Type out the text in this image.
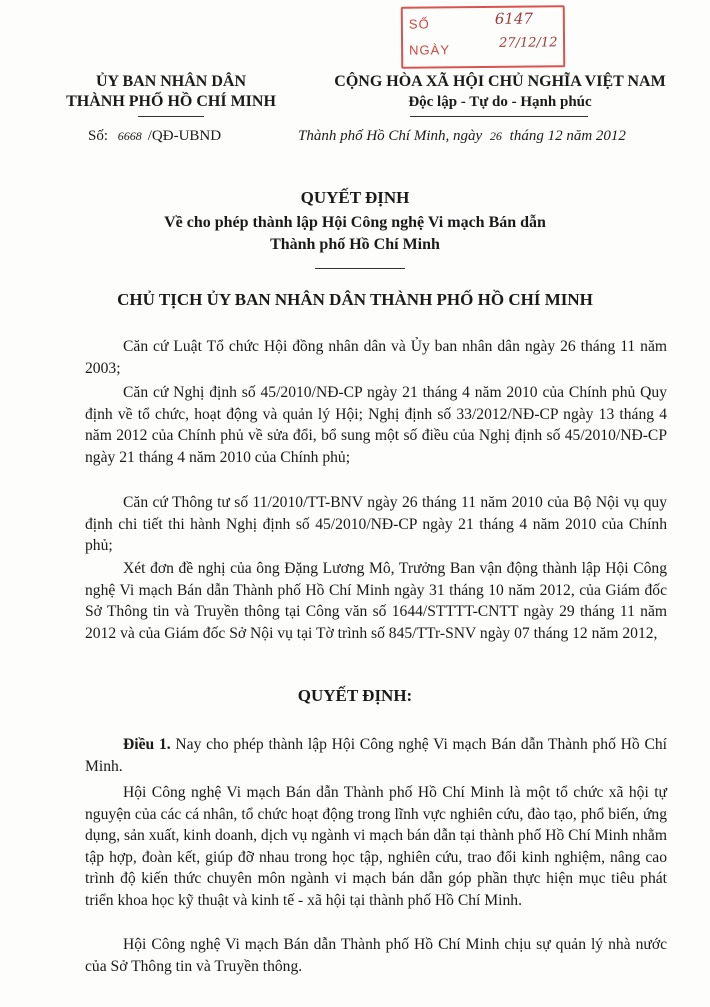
SỐ	6147
NGÀY	27/12/12
ỦY BAN NHÂN DÂN
THÀNH PHỐ HỒ CHÍ MINH
CỘNG HÒA XÃ HỘI CHỦ NGHĨA VIỆT NAM
Độc lập - Tự do - Hạnh phúc
Số: 6668 /QĐ-UBND	Thành phố Hồ Chí Minh, ngày 26 tháng 12 năm 2012
QUYẾT ĐỊNH
Về cho phép thành lập Hội Công nghệ Vi mạch Bán dẫn
Thành phố Hồ Chí Minh
CHỦ TỊCH ỦY BAN NHÂN DÂN THÀNH PHỐ HỒ CHÍ MINH
Căn cứ Luật Tổ chức Hội đồng nhân dân và Ủy ban nhân dân ngày 26 tháng 11 năm 2003;
Căn cứ Nghị định số 45/2010/NĐ-CP ngày 21 tháng 4 năm 2010 của Chính phủ Quy định về tổ chức, hoạt động và quản lý Hội; Nghị định số 33/2012/NĐ-CP ngày 13 tháng 4 năm 2012 của Chính phủ về sửa đổi, bổ sung một số điều của Nghị định số 45/2010/NĐ-CP ngày 21 tháng 4 năm 2010 của Chính phủ;
Căn cứ Thông tư số 11/2010/TT-BNV ngày 26 tháng 11 năm 2010 của Bộ Nội vụ quy định chi tiết thi hành Nghị định số 45/2010/NĐ-CP ngày 21 tháng 4 năm 2010 của Chính phủ;
Xét đơn đề nghị của ông Đặng Lương Mô, Trưởng Ban vận động thành lập Hội Công nghệ Vi mạch Bán dẫn Thành phố Hồ Chí Minh ngày 31 tháng 10 năm 2012, của Giám đốc Sở Thông tin và Truyền thông tại Công văn số 1644/STTTT-CNTT ngày 29 tháng 11 năm 2012 và của Giám đốc Sở Nội vụ tại Tờ trình số 845/TTr-SNV ngày 07 tháng 12 năm 2012,
QUYẾT ĐỊNH:
Điều 1. Nay cho phép thành lập Hội Công nghệ Vi mạch Bán dẫn Thành phố Hồ Chí Minh.
Hội Công nghệ Vi mạch Bán dẫn Thành phố Hồ Chí Minh là một tổ chức xã hội tự nguyện của các cá nhân, tổ chức hoạt động trong lĩnh vực nghiên cứu, đào tạo, phổ biến, ứng dụng, sản xuất, kinh doanh, dịch vụ ngành vi mạch bán dẫn tại thành phố Hồ Chí Minh nhằm tập hợp, đoàn kết, giúp đỡ nhau trong học tập, nghiên cứu, trao đổi kinh nghiệm, nâng cao trình độ kiến thức chuyên môn ngành vi mạch bán dẫn góp phần thực hiện mục tiêu phát triển khoa học kỹ thuật và kinh tế - xã hội tại thành phố Hồ Chí Minh.
Hội Công nghệ Vi mạch Bán dẫn Thành phố Hồ Chí Minh chịu sự quản lý nhà nước của Sở Thông tin và Truyền thông.
